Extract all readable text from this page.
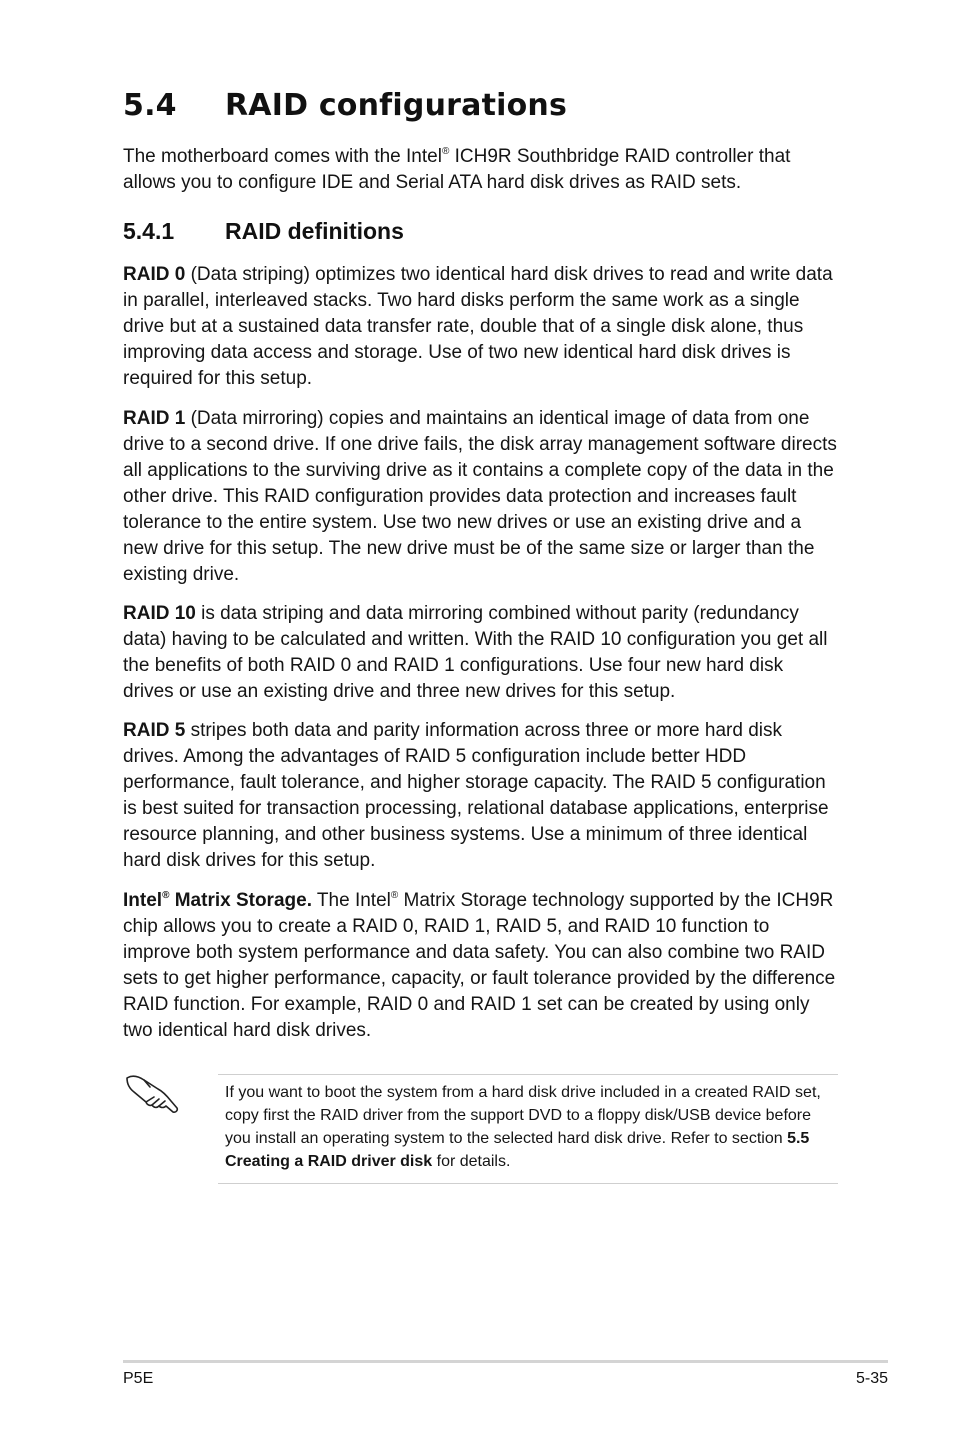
5.4 RAID configurations

The motherboard comes with the Intel® ICH9R Southbridge RAID controller that allows you to configure IDE and Serial ATA hard disk drives as RAID sets.

5.4.1 RAID definitions

RAID 0 (Data striping) optimizes two identical hard disk drives to read and write data in parallel, interleaved stacks. Two hard disks perform the same work as a single drive but at a sustained data transfer rate, double that of a single disk alone, thus improving data access and storage. Use of two new identical hard disk drives is required for this setup.

RAID 1 (Data mirroring) copies and maintains an identical image of data from one drive to a second drive. If one drive fails, the disk array management software directs all applications to the surviving drive as it contains a complete copy of the data in the other drive. This RAID configuration provides data protection and increases fault tolerance to the entire system. Use two new drives or use an existing drive and a new drive for this setup. The new drive must be of the same size or larger than the existing drive.

RAID 10 is data striping and data mirroring combined without parity (redundancy data) having to be calculated and written. With the RAID 10 configuration you get all the benefits of both RAID 0 and RAID 1 configurations. Use four new hard disk drives or use an existing drive and three new drives for this setup.

RAID 5 stripes both data and parity information across three or more hard disk drives. Among the advantages of RAID 5 configuration include better HDD performance, fault tolerance, and higher storage capacity. The RAID 5 configuration is best suited for transaction processing, relational database applications, enterprise resource planning, and other business systems. Use a minimum of three identical hard disk drives for this setup.

Intel® Matrix Storage. The Intel® Matrix Storage technology supported by the ICH9R chip allows you to create a RAID 0, RAID 1, RAID 5, and RAID 10 function to improve both system performance and data safety. You can also combine two RAID sets to get higher performance, capacity, or fault tolerance provided by the difference RAID function. For example, RAID 0 and RAID 1 set can be created by using only two identical hard disk drives.

If you want to boot the system from a hard disk drive included in a created RAID set, copy first the RAID driver from the support DVD to a floppy disk/USB device before you install an operating system to the selected hard disk drive. Refer to section 5.5 Creating a RAID driver disk for details.

P5E	5-35
